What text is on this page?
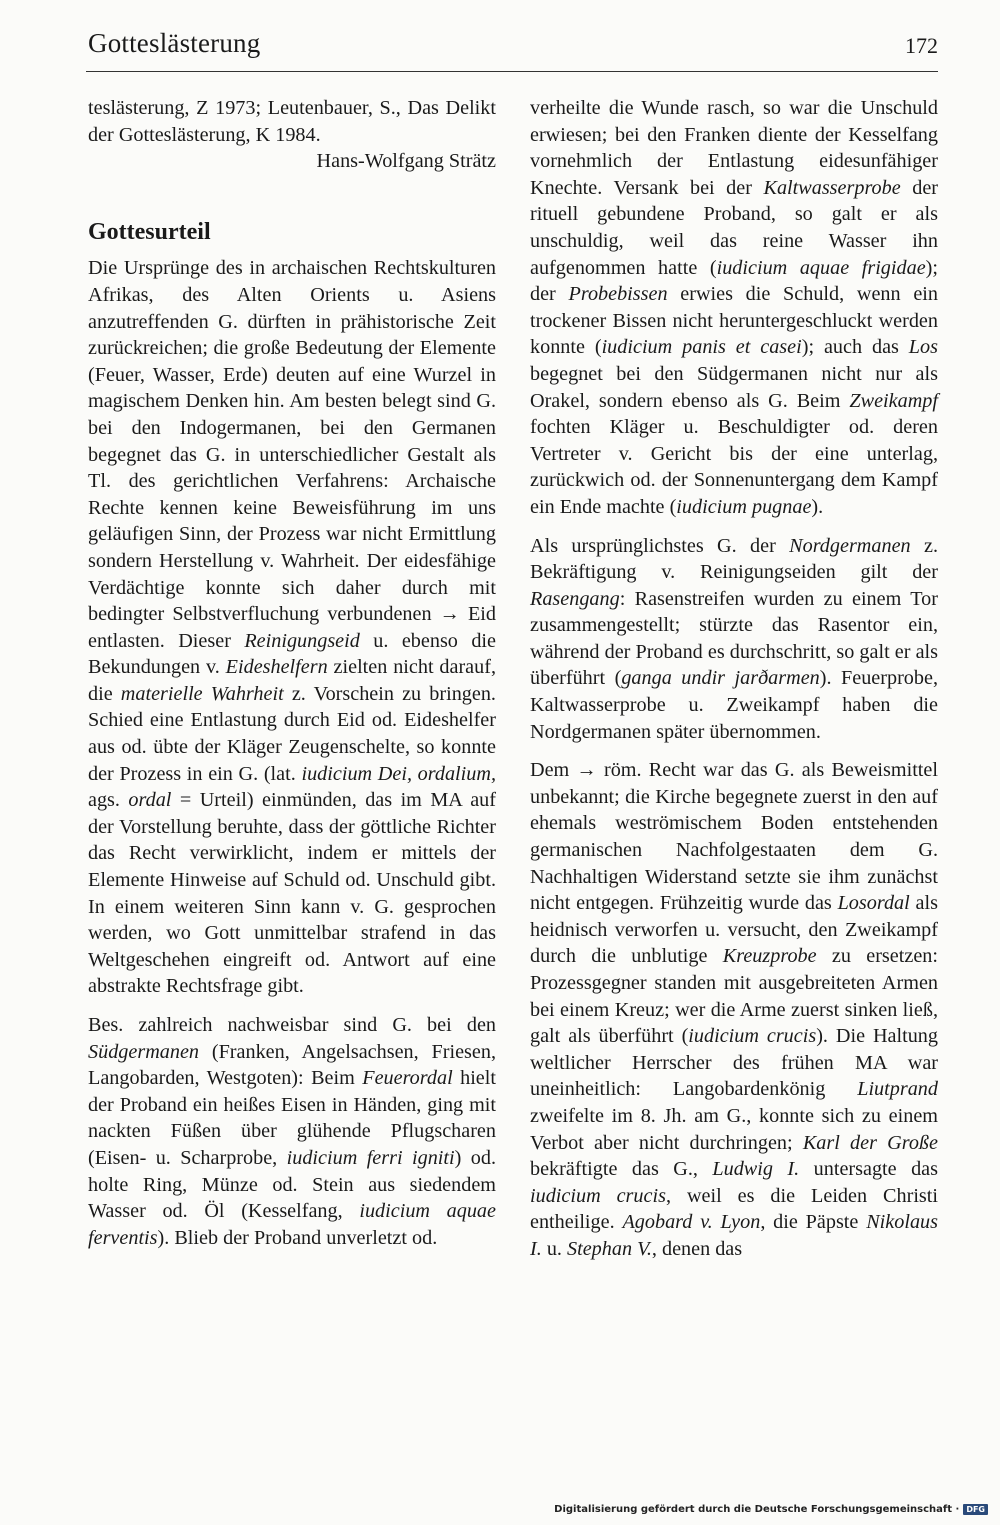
Gotteslästerung	172

teslästerung, Z 1973; Leutenbauer, S., Das Delikt der Gotteslästerung, K 1984.

Hans-Wolfgang Strätz

Gottesurteil

Die Ursprünge des in archaischen Rechtskulturen Afrikas, des Alten Orients u. Asiens anzutreffenden G. dürften in prähistorische Zeit zurückreichen; die große Bedeutung der Elemente (Feuer, Wasser, Erde) deuten auf eine Wurzel in magischem Denken hin. Am besten belegt sind G. bei den Indogermanen, bei den Germanen begegnet das G. in unterschiedlicher Gestalt als Tl. des gerichtlichen Verfahrens: Archaische Rechte kennen keine Beweisführung im uns geläufigen Sinn, der Prozess war nicht Ermittlung sondern Herstellung v. Wahrheit. Der eidesfähige Verdächtige konnte sich daher durch mit bedingter Selbstverfluchung verbundenen → Eid entlasten. Dieser Reinigungseid u. ebenso die Bekundungen v. Eideshelfern zielten nicht darauf, die materielle Wahrheit z. Vorschein zu bringen. Schied eine Entlastung durch Eid od. Eideshelfer aus od. übte der Kläger Zeugenschelte, so konnte der Prozess in ein G. (lat. iudicium Dei, ordalium, ags. ordal = Urteil) einmünden, das im MA auf der Vorstellung beruhte, dass der göttliche Richter das Recht verwirklicht, indem er mittels der Elemente Hinweise auf Schuld od. Unschuld gibt. In einem weiteren Sinn kann v. G. gesprochen werden, wo Gott unmittelbar strafend in das Weltgeschehen eingreift od. Antwort auf eine abstrakte Rechtsfrage gibt.

Bes. zahlreich nachweisbar sind G. bei den Südgermanen (Franken, Angelsachsen, Friesen, Langobarden, Westgoten): Beim Feuerordal hielt der Proband ein heißes Eisen in Händen, ging mit nackten Füßen über glühende Pflugscharen (Eisen- u. Scharprobe, iudicium ferri igniti) od. holte Ring, Münze od. Stein aus siedendem Wasser od. Öl (Kesselfang, iudicium aquae ferventis). Blieb der Proband unverletzt od.

verheilte die Wunde rasch, so war die Unschuld erwiesen; bei den Franken diente der Kesselfang vornehmlich der Entlastung eidesunfähiger Knechte. Versank bei der Kaltwasserprobe der rituell gebundene Proband, so galt er als unschuldig, weil das reine Wasser ihn aufgenommen hatte (iudicium aquae frigidae); der Probebissen erwies die Schuld, wenn ein trockener Bissen nicht heruntergeschluckt werden konnte (iudicium panis et casei); auch das Los begegnet bei den Südgermanen nicht nur als Orakel, sondern ebenso als G. Beim Zweikampf fochten Kläger u. Beschuldigter od. deren Vertreter v. Gericht bis der eine unterlag, zurückwich od. der Sonnenuntergang dem Kampf ein Ende machte (iudicium pugnae).

Als ursprünglichstes G. der Nordgermanen z. Bekräftigung v. Reinigungseiden gilt der Rasengang: Rasenstreifen wurden zu einem Tor zusammengestellt; stürzte das Rasentor ein, während der Proband es durchschritt, so galt er als überführt (ganga undir jarðarmen). Feuerprobe, Kaltwasserprobe u. Zweikampf haben die Nordgermanen später übernommen.

Dem → röm. Recht war das G. als Beweismittel unbekannt; die Kirche begegnete zuerst in den auf ehemals weströmischem Boden entstehenden germanischen Nachfolgestaaten dem G. Nachhaltigen Widerstand setzte sie ihm zunächst nicht entgegen. Frühzeitig wurde das Losordal als heidnisch verworfen u. versucht, den Zweikampf durch die unblutige Kreuzprobe zu ersetzen: Prozessgegner standen mit ausgebreiteten Armen bei einem Kreuz; wer die Arme zuerst sinken ließ, galt als überführt (iudicium crucis). Die Haltung weltlicher Herrscher des frühen MA war uneinheitlich: Langobardenkönig Liutprand zweifelte im 8. Jh. am G., konnte sich zu einem Verbot aber nicht durchringen; Karl der Große bekräftigte das G., Ludwig I. untersagte das iudicium crucis, weil es die Leiden Christi entheilige. Agobard v. Lyon, die Päpste Nikolaus I. u. Stephan V., denen das

Digitalisierung gefördert durch die Deutsche Forschungsgemeinschaft · DFG
